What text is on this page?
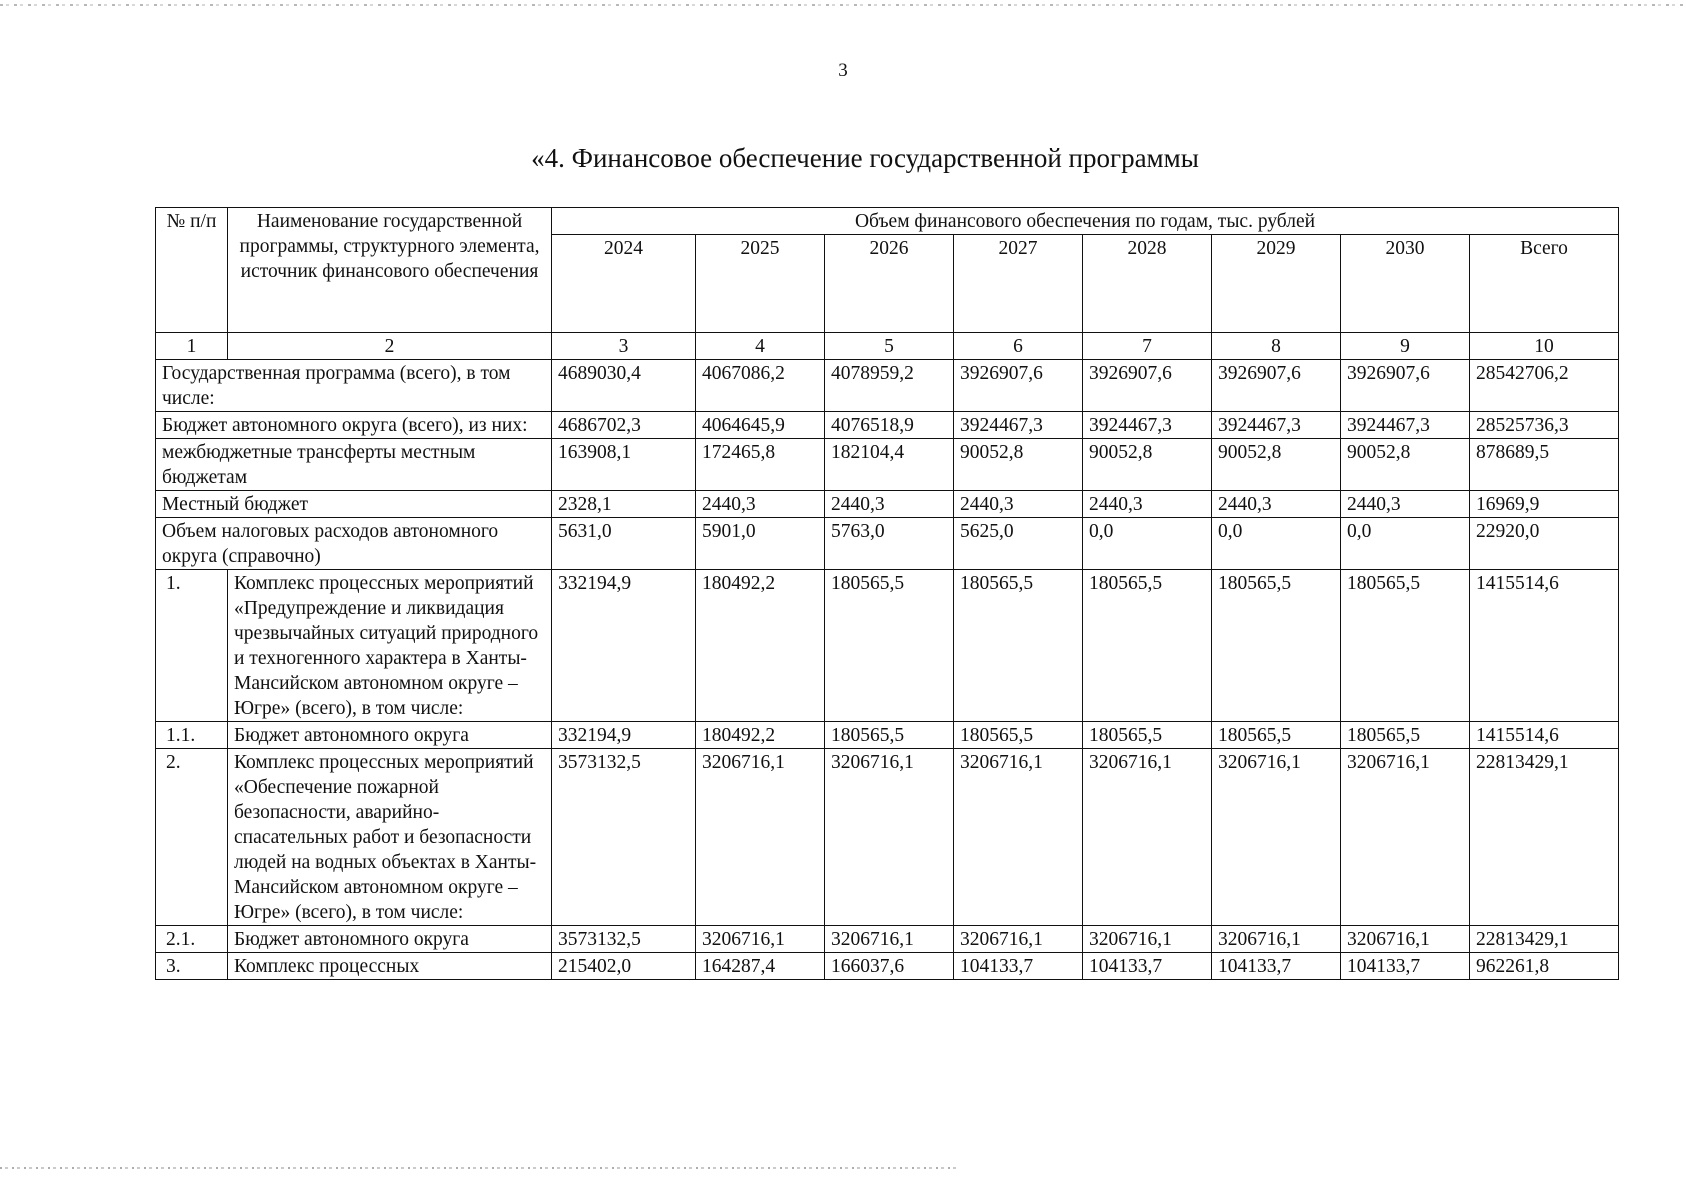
3
«4. Финансовое обеспечение государственной программы
№ п/п	Наименование государственной программы, структурного элемента, источник финансового обеспечения	Объем финансового обеспечения по годам, тыс. рублей							
		2024	2025	2026	2027	2028	2029	2030	Всего
1	2	3	4	5	6	7	8	9	10
Государственная программа (всего), в том числе:		4689030,4	4067086,2	4078959,2	3926907,6	3926907,6	3926907,6	3926907,6	28542706,2
Бюджет автономного округа (всего), из них:		4686702,3	4064645,9	4076518,9	3924467,3	3924467,3	3924467,3	3924467,3	28525736,3
межбюджетные трансферты местным бюджетам		163908,1	172465,8	182104,4	90052,8	90052,8	90052,8	90052,8	878689,5
Местный бюджет		2328,1	2440,3	2440,3	2440,3	2440,3	2440,3	2440,3	16969,9
Объем налоговых расходов автономного округа (справочно)		5631,0	5901,0	5763,0	5625,0	0,0	0,0	0,0	22920,0
1.	Комплекс процессных мероприятий «Предупреждение и ликвидация чрезвычайных ситуаций природного и техногенного характера в Ханты-Мансийском автономном округе – Югре» (всего), в том числе:	332194,9	180492,2	180565,5	180565,5	180565,5	180565,5	180565,5	1415514,6
1.1.	Бюджет автономного округа	332194,9	180492,2	180565,5	180565,5	180565,5	180565,5	180565,5	1415514,6
2.	Комплекс процессных мероприятий «Обеспечение пожарной безопасности, аварийно-спасательных работ и безопасности людей на водных объектах в Ханты-Мансийском автономном округе – Югре» (всего), в том числе:	3573132,5	3206716,1	3206716,1	3206716,1	3206716,1	3206716,1	3206716,1	22813429,1
2.1.	Бюджет автономного округа	3573132,5	3206716,1	3206716,1	3206716,1	3206716,1	3206716,1	3206716,1	22813429,1
3.	Комплекс процессных	215402,0	164287,4	166037,6	104133,7	104133,7	104133,7	104133,7	962261,8
